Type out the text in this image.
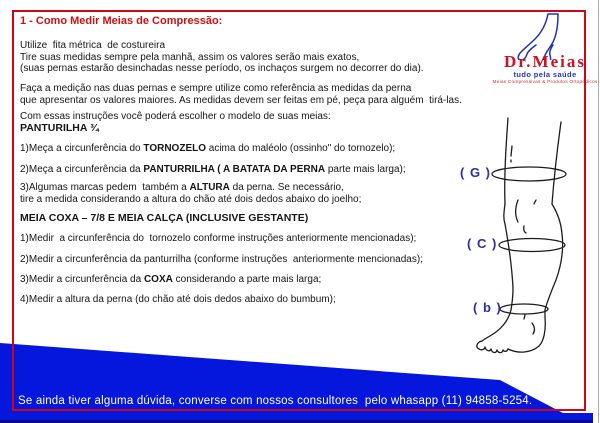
1 - Como Medir Meias de Compressão:
Utilize  fita métrica  de costureira
Tire suas medidas sempre pela manhã, assim os valores serão mais exatos,
(suas pernas estarão desinchadas nesse período, os inchaços surgem no decorrer do dia).
Faça a medição nas duas pernas e sempre utilize como referência as medidas da perna
que apresentar os valores maiores. As medidas devem ser feitas em pé, peça para alguém  tirá-las.
Com essas instruções você poderá escolher o modelo de suas meias:
PANTURILHA ¾
1)Meça a circunferência do TORNOZELO acima do maléolo (ossinho" do tornozelo);
2)Meça a circunferência da PANTURRILHA ( A BATATA DA PERNA parte mais larga);
3)Algumas marcas pedem  também a ALTURA da perna. Se necessário,
tire a medida considerando a altura do chão até dois dedos abaixo do joelho;
MEIA COXA – 7/8 E MEIA CALÇA (INCLUSIVE GESTANTE)
1)Medir  a circunferência do  tornozelo conforme instruções anteriormente mencionadas);
2)Medir a circunferência da panturrilha (conforme instruções  anteriormente mencionadas);
3)Medir a circunferência da COXA considerando a parte mais larga;
4)Medir a altura da perna (do chão até dois dedos abaixo do bumbum);
Dr.Meias
tudo pela saúde
Meias Compressivas & Produtos Ortopédicos
( G )
( C )
( b )
Se ainda tiver alguma dúvida, converse com nossos consultores  pelo whasapp (11) 94858-5254.
